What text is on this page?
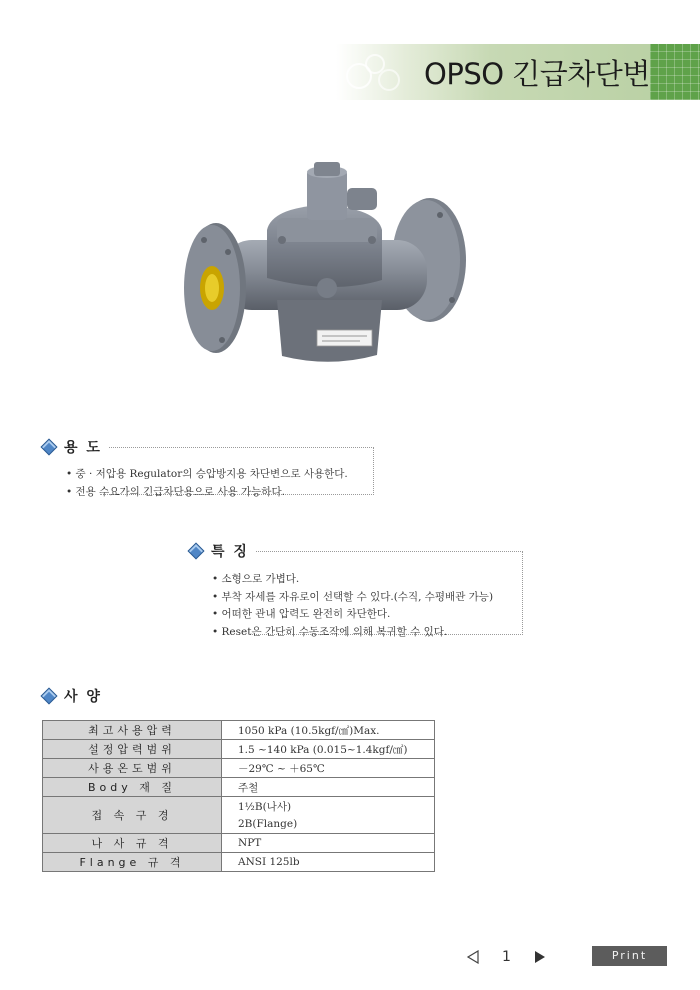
OPSO 긴급차단변
용 도
• 중 · 저압용 Regulator의 승압방지용 차단변으로 사용한다.
• 전용 수요가의 긴급차단용으로 사용 가능하다.
특 징
• 소형으로 가볍다.
• 부착 자세를 자유로이 선택할 수 있다.(수직, 수평배관 가능)
• 어떠한 관내 압력도 완전히 차단한다.
• Reset은 간단히 수동조작에 의해 복귀할 수 있다.
사 양
최고사용압력	1050 kPa (10.5kgf/㎠)Max.
설정압력범위	1.5 ~140 kPa (0.015~1.4kgf/㎠)
사용온도범위	－29℃ ~ ＋65℃
Body 재 질	주철
접 속 구 경	1½B(나사)
	2B(Flange)
나 사 규 격	NPT
Flange 규 격	ANSI 125lb
1	Print
